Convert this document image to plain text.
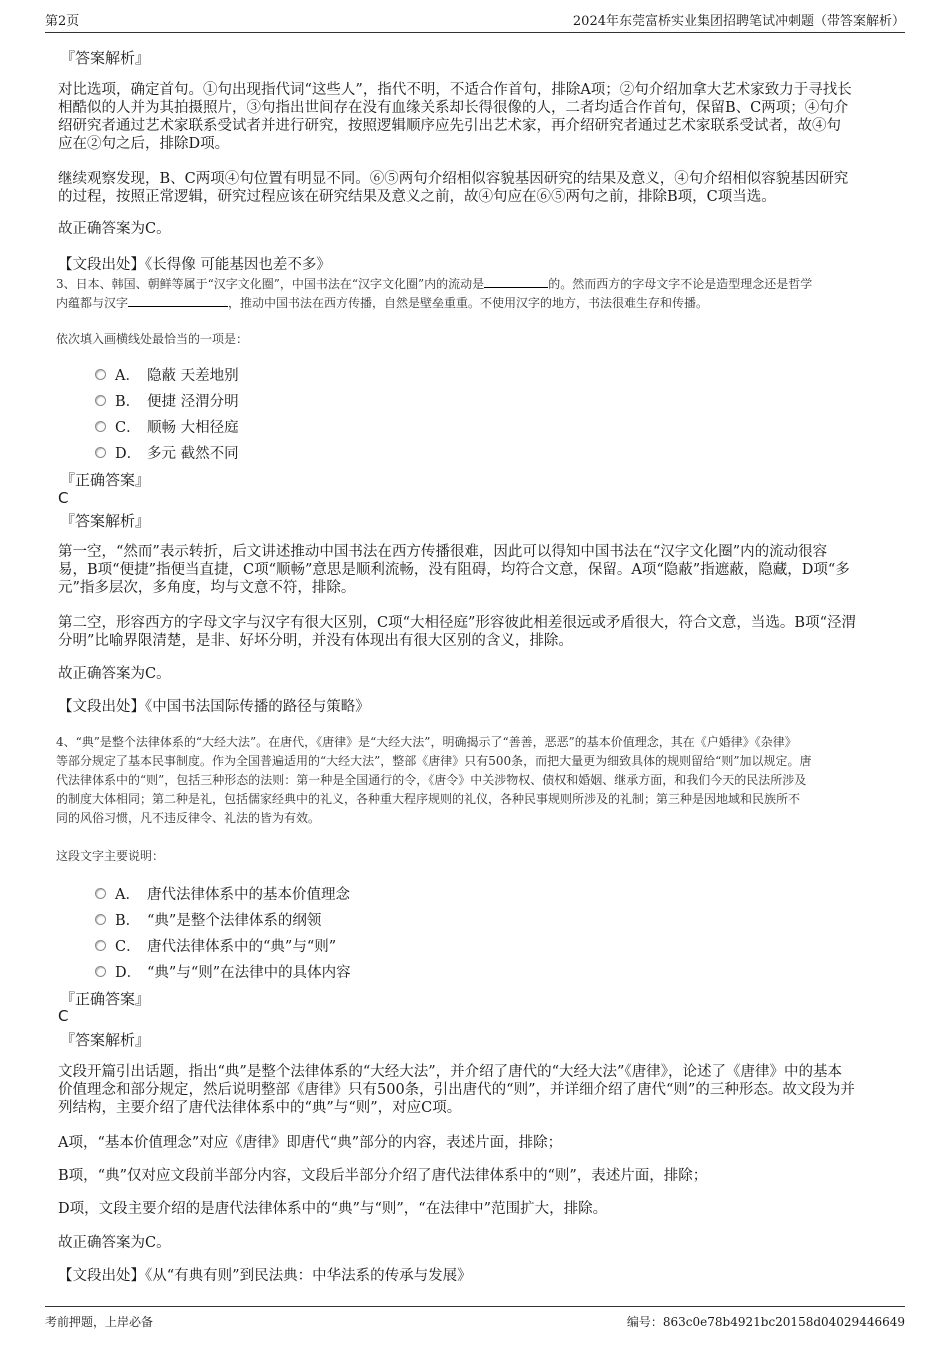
第2页	2024年东莞富桥实业集团招聘笔试冲刺题（带答案解析）
『答案解析』
对比选项，确定首句。①句出现指代词“这些人”，指代不明，不适合作首句，排除A项；②句介绍加拿大艺术家致力于寻找长
相酷似的人并为其拍摄照片，③句指出世间存在没有血缘关系却长得很像的人，二者均适合作首句，保留B、C两项；④句介
绍研究者通过艺术家联系受试者并进行研究，按照逻辑顺序应先引出艺术家，再介绍研究者通过艺术家联系受试者，故④句
应在②句之后，排除D项。
继续观察发现，B、C两项④句位置有明显不同。⑥⑤两句介绍相似容貌基因研究的结果及意义，④句介绍相似容貌基因研究
的过程，按照正常逻辑，研究过程应该在研究结果及意义之前，故④句应在⑥⑤两句之前，排除B项，C项当选。
故正确答案为C。
【文段出处】《长得像 可能基因也差不多》
3、日本、韩国、朝鲜等属于“汉字文化圈”，中国书法在“汉字文化圈”内的流动是	的。然而西方的字母文字不论是造型理念还是哲学
内蕴都与汉字	，推动中国书法在西方传播，自然是壁垒重重。不使用汉字的地方，书法很难生存和传播。
依次填入画横线处最恰当的一项是：
A． 隐蔽 天差地别
B． 便捷 泾渭分明
C． 顺畅 大相径庭
D． 多元 截然不同
『正确答案』
C
『答案解析』
第一空，“然而”表示转折，后文讲述推动中国书法在西方传播很难，因此可以得知中国书法在“汉字文化圈”内的流动很容
易，B项“便捷”指便当直捷，C项“顺畅”意思是顺利流畅，没有阻碍，均符合文意，保留。A项“隐蔽”指遮蔽，隐藏，D项“多
元”指多层次，多角度，均与文意不符，排除。
第二空，形容西方的字母文字与汉字有很大区别，C项“大相径庭”形容彼此相差很远或矛盾很大，符合文意，当选。B项“泾渭
分明”比喻界限清楚，是非、好坏分明，并没有体现出有很大区别的含义，排除。
故正确答案为C。
【文段出处】《中国书法国际传播的路径与策略》
4、“典”是整个法律体系的“大经大法”。在唐代，《唐律》是“大经大法”，明确揭示了“善善，恶恶”的基本价值理念，其在《户婚律》《杂律》
等部分规定了基本民事制度。作为全国普遍适用的“大经大法”，整部《唐律》只有500条，而把大量更为细致具体的规则留给“则”加以规定。唐
代法律体系中的“则”，包括三种形态的法则：第一种是全国通行的令，《唐令》中关涉物权、债权和婚姻、继承方面，和我们今天的民法所涉及
的制度大体相同；第二种是礼，包括儒家经典中的礼义，各种重大程序规则的礼仪，各种民事规则所涉及的礼制；第三种是因地域和民族所不
同的风俗习惯，凡不违反律令、礼法的皆为有效。
这段文字主要说明：
A． 唐代法律体系中的基本价值理念
B． “典”是整个法律体系的纲领
C． 唐代法律体系中的“典”与“则”
D． “典”与“则”在法律中的具体内容
『正确答案』
C
『答案解析』
文段开篇引出话题，指出“典”是整个法律体系的“大经大法”，并介绍了唐代的“大经大法”《唐律》，论述了《唐律》中的基本
价值理念和部分规定，然后说明整部《唐律》只有500条，引出唐代的“则”，并详细介绍了唐代“则”的三种形态。故文段为并
列结构，主要介绍了唐代法律体系中的“典”与“则”，对应C项。
A项，“基本价值理念”对应《唐律》即唐代“典”部分的内容，表述片面，排除；
B项，“典”仅对应文段前半部分内容，文段后半部分介绍了唐代法律体系中的“则”，表述片面，排除；
D项，文段主要介绍的是唐代法律体系中的“典”与“则”，“在法律中”范围扩大，排除。
故正确答案为C。
【文段出处】《从“有典有则”到民法典：中华法系的传承与发展》
考前押题，上岸必备	编号：863c0e78b4921bc20158d04029446649
